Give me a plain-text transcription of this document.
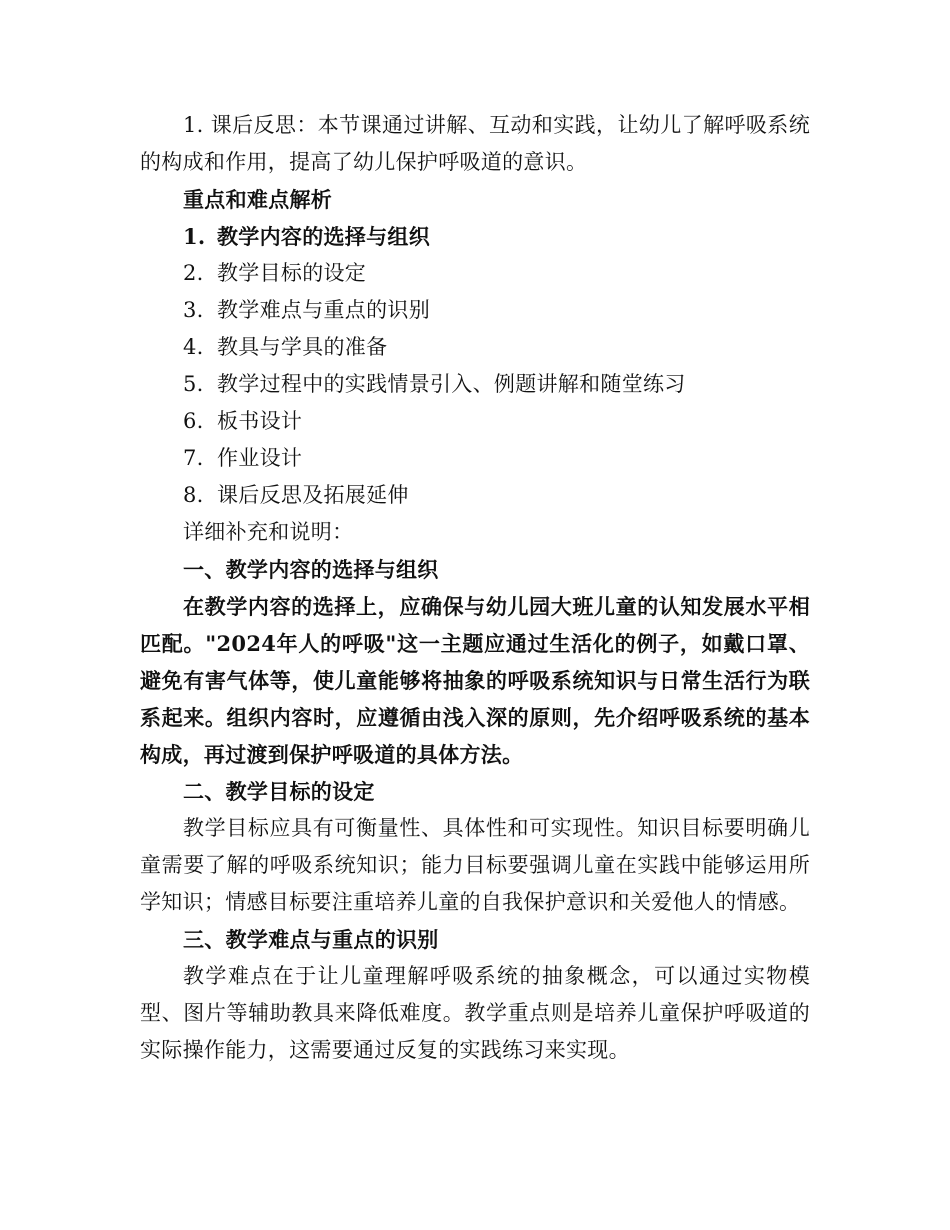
1. 课后反思：本节课通过讲解、互动和实践，让幼儿了解呼吸系统的构成和作用，提高了幼儿保护呼吸道的意识。

重点和难点解析

1. 教学内容的选择与组织

2. 教学目标的设定

3. 教学难点与重点的识别

4. 教具与学具的准备

5. 教学过程中的实践情景引入、例题讲解和随堂练习

6. 板书设计

7. 作业设计

8. 课后反思及拓展延伸

详细补充和说明：

一、教学内容的选择与组织

在教学内容的选择上，应确保与幼儿园大班儿童的认知发展水平相匹配。"2024年人的呼吸"这一主题应通过生活化的例子，如戴口罩、避免有害气体等，使儿童能够将抽象的呼吸系统知识与日常生活行为联系起来。组织内容时，应遵循由浅入深的原则，先介绍呼吸系统的基本构成，再过渡到保护呼吸道的具体方法。

二、教学目标的设定

教学目标应具有可衡量性、具体性和可实现性。知识目标要明确儿童需要了解的呼吸系统知识；能力目标要强调儿童在实践中能够运用所学知识；情感目标要注重培养儿童的自我保护意识和关爱他人的情感。

三、教学难点与重点的识别

教学难点在于让儿童理解呼吸系统的抽象概念，可以通过实物模型、图片等辅助教具来降低难度。教学重点则是培养儿童保护呼吸道的实际操作能力，这需要通过反复的实践练习来实现。
